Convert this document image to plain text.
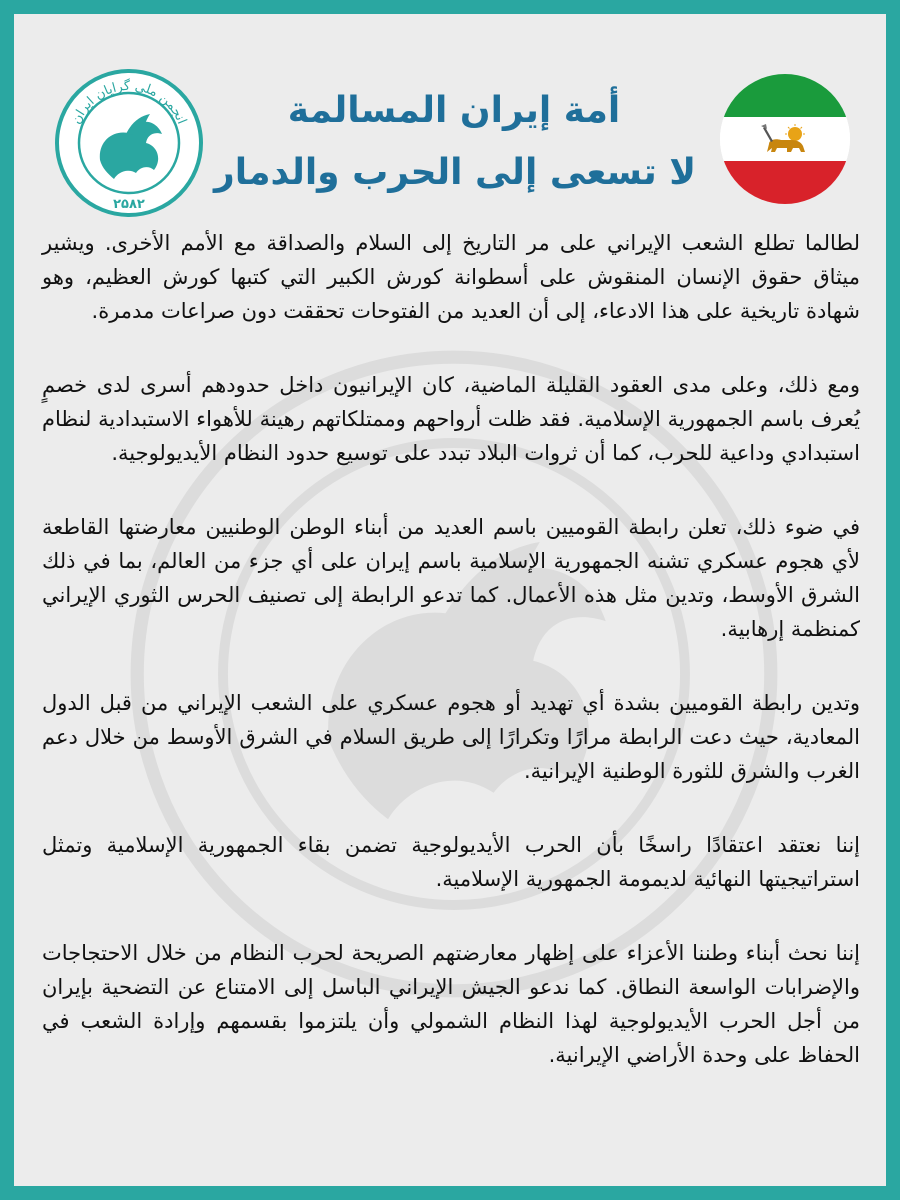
انجمن ملی گرایان ایران
۲۵۸۲
أمة إيران المسالمة
لا تسعى إلى الحرب والدمار

لطالما تطلع الشعب الإيراني على مر التاريخ إلى السلام والصداقة مع الأمم الأخرى. ويشير ميثاق حقوق الإنسان المنقوش على أسطوانة كورش الكبير التي كتبها كورش العظيم، وهو شهادة تاريخية على هذا الادعاء، إلى أن العديد من الفتوحات تحققت دون صراعات مدمرة.

ومع ذلك، وعلى مدى العقود القليلة الماضية، كان الإيرانيون داخل حدودهم أسرى لدى خصمٍ يُعرف باسم الجمهورية الإسلامية. فقد ظلت أرواحهم وممتلكاتهم رهينة للأهواء الاستبدادية لنظام استبدادي وداعية للحرب، كما أن ثروات البلاد تبدد على توسيع حدود النظام الأيديولوجية.

في ضوء ذلك، تعلن رابطة القوميين باسم العديد من أبناء الوطن الوطنيين معارضتها القاطعة لأي هجوم عسكري تشنه الجمهورية الإسلامية باسم إيران على أي جزء من العالم، بما في ذلك الشرق الأوسط، وتدين مثل هذه الأعمال. كما تدعو الرابطة إلى تصنيف الحرس الثوري الإيراني كمنظمة إرهابية.

وتدين رابطة القوميين بشدة أي تهديد أو هجوم عسكري على الشعب الإيراني من قبل الدول المعادية، حيث دعت الرابطة مرارًا وتكرارًا إلى طريق السلام في الشرق الأوسط من خلال دعم الغرب والشرق للثورة الوطنية الإيرانية.

إننا نعتقد اعتقادًا راسخًا بأن الحرب الأيديولوجية تضمن بقاء الجمهورية الإسلامية وتمثل استراتيجيتها النهائية لديمومة الجمهورية الإسلامية.

إننا نحث أبناء وطننا الأعزاء على إظهار معارضتهم الصريحة لحرب النظام من خلال الاحتجاجات والإضرابات الواسعة النطاق. كما ندعو الجيش الإيراني الباسل إلى الامتناع عن التضحية بإيران من أجل الحرب الأيديولوجية لهذا النظام الشمولي وأن يلتزموا بقسمهم وإرادة الشعب في الحفاظ على وحدة الأراضي الإيرانية.
